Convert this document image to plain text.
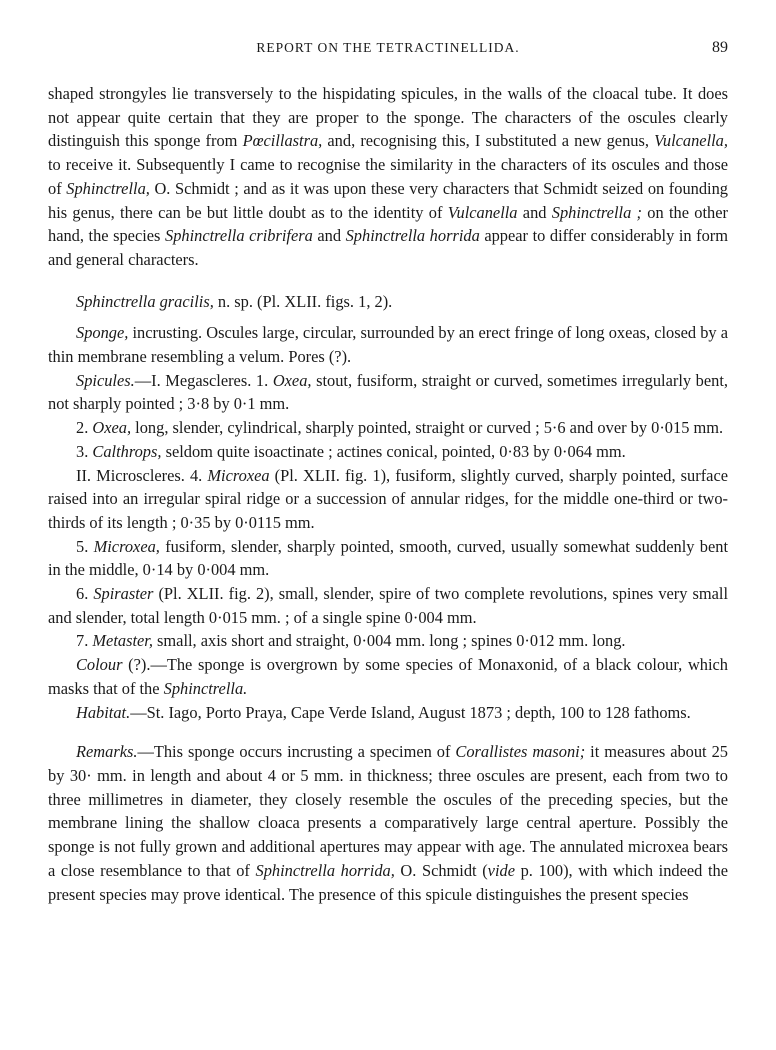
REPORT ON THE TETRACTINELLIDA.	89

shaped strongyles lie transversely to the hispidating spicules, in the walls of the cloacal tube. It does not appear quite certain that they are proper to the sponge. The characters of the oscules clearly distinguish this sponge from Pœcillastra, and, recognising this, I substituted a new genus, Vulcanella, to receive it. Subsequently I came to recognise the similarity in the characters of its oscules and those of Sphinctrella, O. Schmidt ; and as it was upon these very characters that Schmidt seized on founding his genus, there can be but little doubt as to the identity of Vulcanella and Sphinctrella ; on the other hand, the species Sphinctrella cribrifera and Sphinctrella horrida appear to differ considerably in form and general characters.

Sphinctrella gracilis, n. sp. (Pl. XLII. figs. 1, 2).

Sponge, incrusting. Oscules large, circular, surrounded by an erect fringe of long oxeas, closed by a thin membrane resembling a velum. Pores (?).

Spicules.—I. Megascleres. 1. Oxea, stout, fusiform, straight or curved, sometimes irregularly bent, not sharply pointed ; 3·8 by 0·1 mm.

2. Oxea, long, slender, cylindrical, sharply pointed, straight or curved ; 5·6 and over by 0·015 mm.

3. Calthrops, seldom quite isoactinate ; actines conical, pointed, 0·83 by 0·064 mm.

II. Microscleres. 4. Microxea (Pl. XLII. fig. 1), fusiform, slightly curved, sharply pointed, surface raised into an irregular spiral ridge or a succession of annular ridges, for the middle one-third or two-thirds of its length ; 0·35 by 0·0115 mm.

5. Microxea, fusiform, slender, sharply pointed, smooth, curved, usually somewhat suddenly bent in the middle, 0·14 by 0·004 mm.

6. Spiraster (Pl. XLII. fig. 2), small, slender, spire of two complete revolutions, spines very small and slender, total length 0·015 mm. ; of a single spine 0·004 mm.

7. Metaster, small, axis short and straight, 0·004 mm. long ; spines 0·012 mm. long.

Colour (?).—The sponge is overgrown by some species of Monaxonid, of a black colour, which masks that of the Sphinctrella.

Habitat.—St. Iago, Porto Praya, Cape Verde Island, August 1873 ; depth, 100 to 128 fathoms.

Remarks.—This sponge occurs incrusting a specimen of Corallistes masoni; it measures about 25 by 30· mm. in length and about 4 or 5 mm. in thickness; three oscules are present, each from two to three millimetres in diameter, they closely resemble the oscules of the preceding species, but the membrane lining the shallow cloaca presents a comparatively large central aperture. Possibly the sponge is not fully grown and additional apertures may appear with age. The annulated microxea bears a close resemblance to that of Sphinctrella horrida, O. Schmidt (vide p. 100), with which indeed the present species may prove identical. The presence of this spicule distinguishes the present species
